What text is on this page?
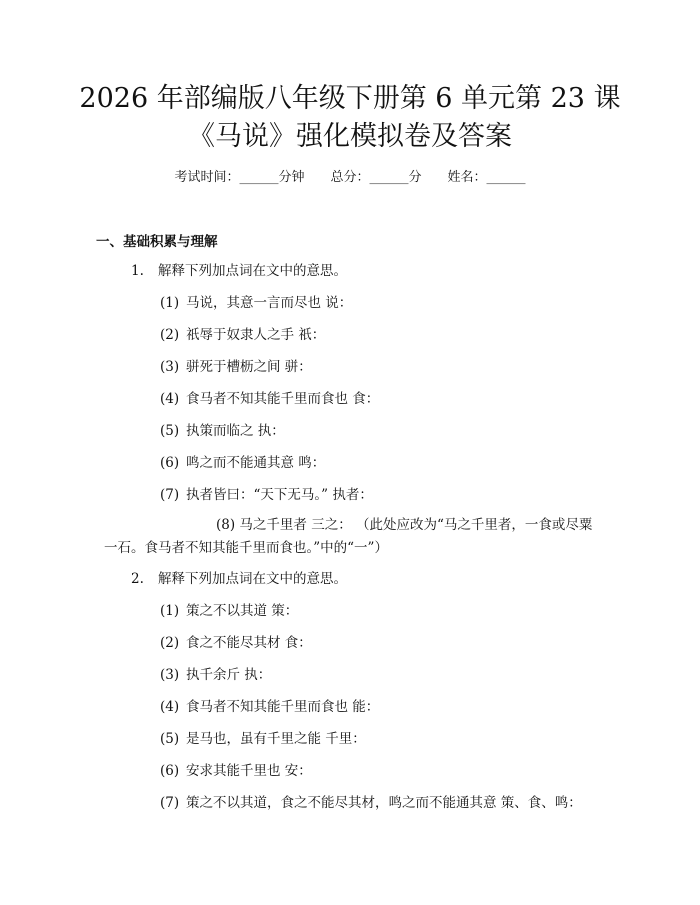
2026 年部编版八年级下册第 6 单元第 23 课
《马说》强化模拟卷及答案
考试时间：______分钟 总分：______分 姓名：______
一、基础积累与理解
1. 解释下列加点词在文中的意思。
(1) 马说，其意一言而尽也 说：
(2) 祇辱于奴隶人之手 祇：
(3) 骈死于槽枥之间 骈：
(4) 食马者不知其能千里而食也 食：
(5) 执策而临之 执：
(6) 鸣之而不能通其意 鸣：
(7) 执者皆曰：“天下无马。” 执者：
(8) 马之千里者 三之： （此处应改为“马之千里者，一食或尽粟一石。食马者不知其能千里而食也。”中的“一”）
2. 解释下列加点词在文中的意思。
(1) 策之不以其道 策：
(2) 食之不能尽其材 食：
(3) 执千余斤 执：
(4) 食马者不知其能千里而食也 能：
(5) 是马也，虽有千里之能 千里：
(6) 安求其能千里也 安：
(7) 策之不以其道，食之不能尽其材，鸣之而不能通其意 策、食、鸣：
